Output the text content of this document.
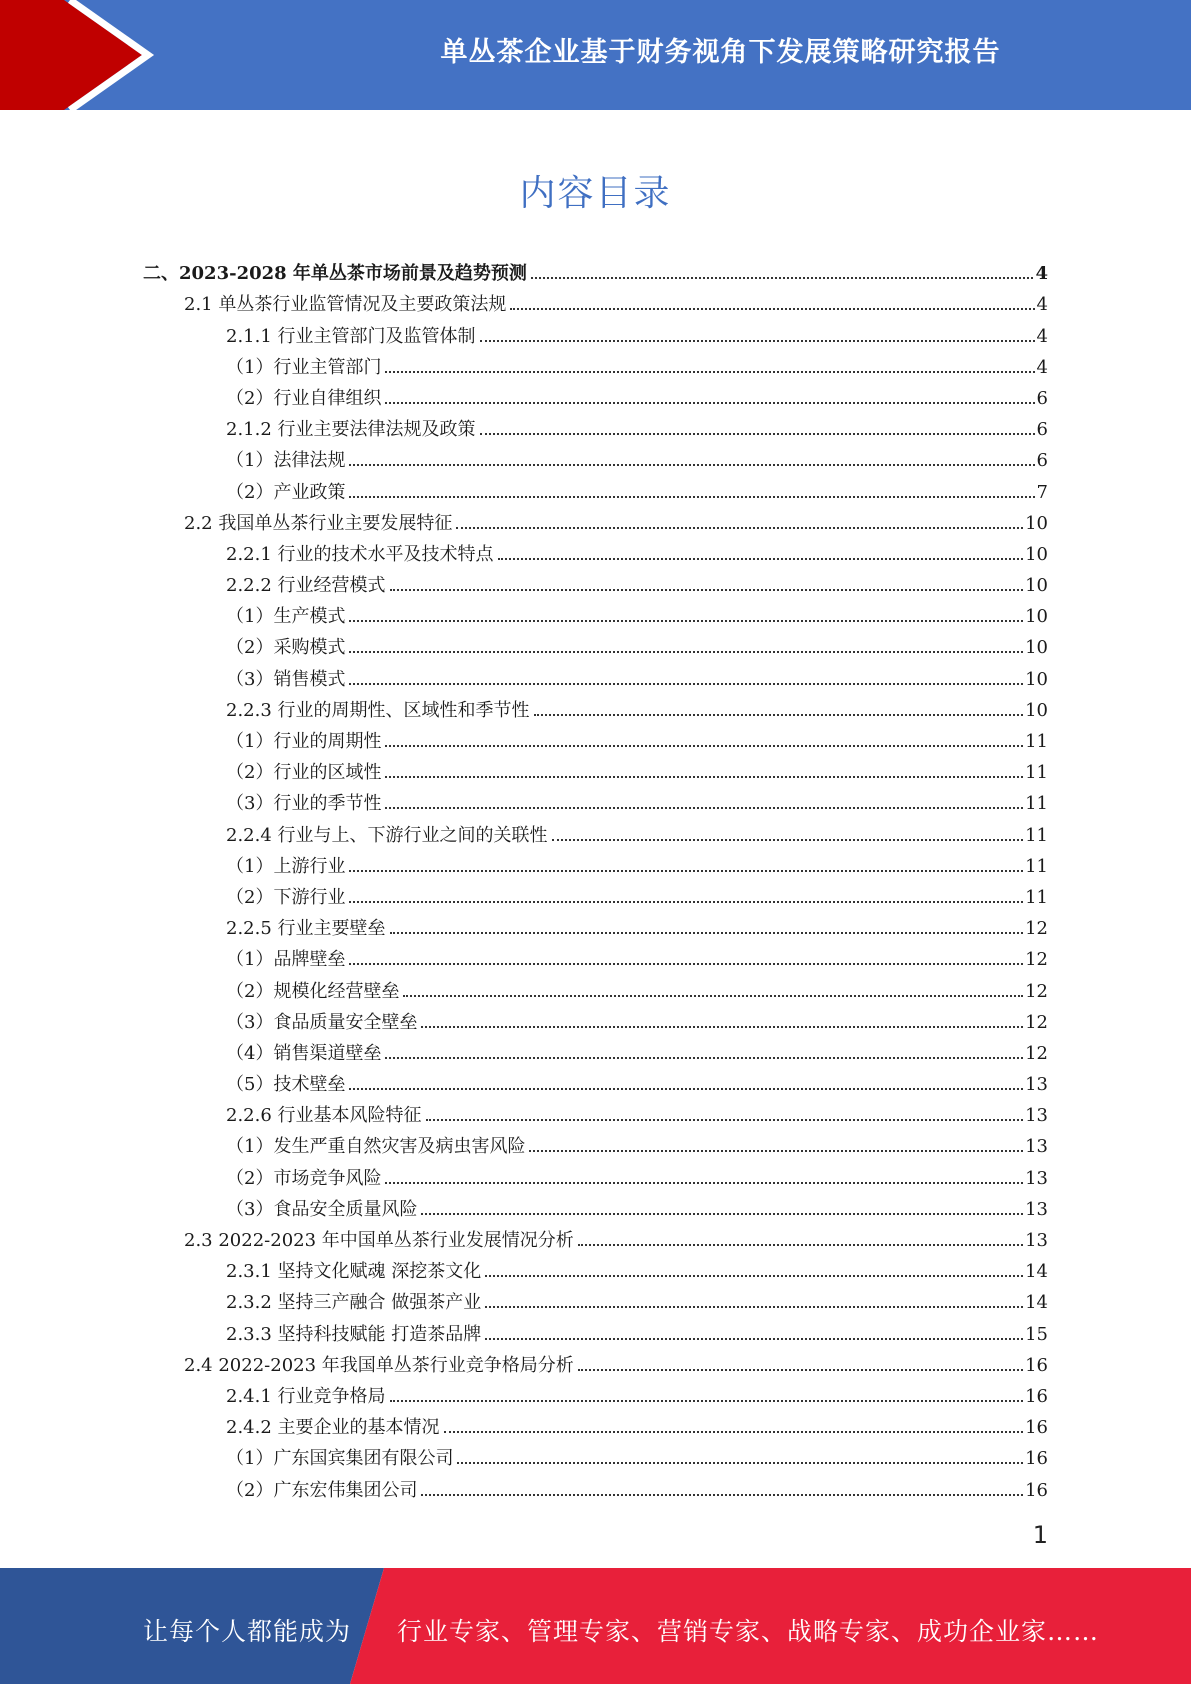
单丛茶企业基于财务视角下发展策略研究报告
内容目录
二、2023-2028 年单丛茶市场前景及趋势预测	4
2.1 单丛茶行业监管情况及主要政策法规	4
2.1.1 行业主管部门及监管体制	4
（1）行业主管部门	4
（2）行业自律组织	6
2.1.2 行业主要法律法规及政策	6
（1）法律法规	6
（2）产业政策	7
2.2 我国单丛茶行业主要发展特征	10
2.2.1 行业的技术水平及技术特点	10
2.2.2 行业经营模式	10
（1）生产模式	10
（2）采购模式	10
（3）销售模式	10
2.2.3 行业的周期性、区域性和季节性	10
（1）行业的周期性	11
（2）行业的区域性	11
（3）行业的季节性	11
2.2.4 行业与上、下游行业之间的关联性	11
（1）上游行业	11
（2）下游行业	11
2.2.5 行业主要壁垒	12
（1）品牌壁垒	12
（2）规模化经营壁垒	12
（3）食品质量安全壁垒	12
（4）销售渠道壁垒	12
（5）技术壁垒	13
2.2.6 行业基本风险特征	13
（1）发生严重自然灾害及病虫害风险	13
（2）市场竞争风险	13
（3）食品安全质量风险	13
2.3 2022-2023 年中国单丛茶行业发展情况分析	13
2.3.1 坚持文化赋魂 深挖茶文化	14
2.3.2 坚持三产融合 做强茶产业	14
2.3.3 坚持科技赋能 打造茶品牌	15
2.4 2022-2023 年我国单丛茶行业竞争格局分析	16
2.4.1 行业竞争格局	16
2.4.2 主要企业的基本情况	16
（1）广东国宾集团有限公司	16
（2）广东宏伟集团公司	16
1
让每个人都能成为 行业专家、管理专家、营销专家、战略专家、成功企业家……
